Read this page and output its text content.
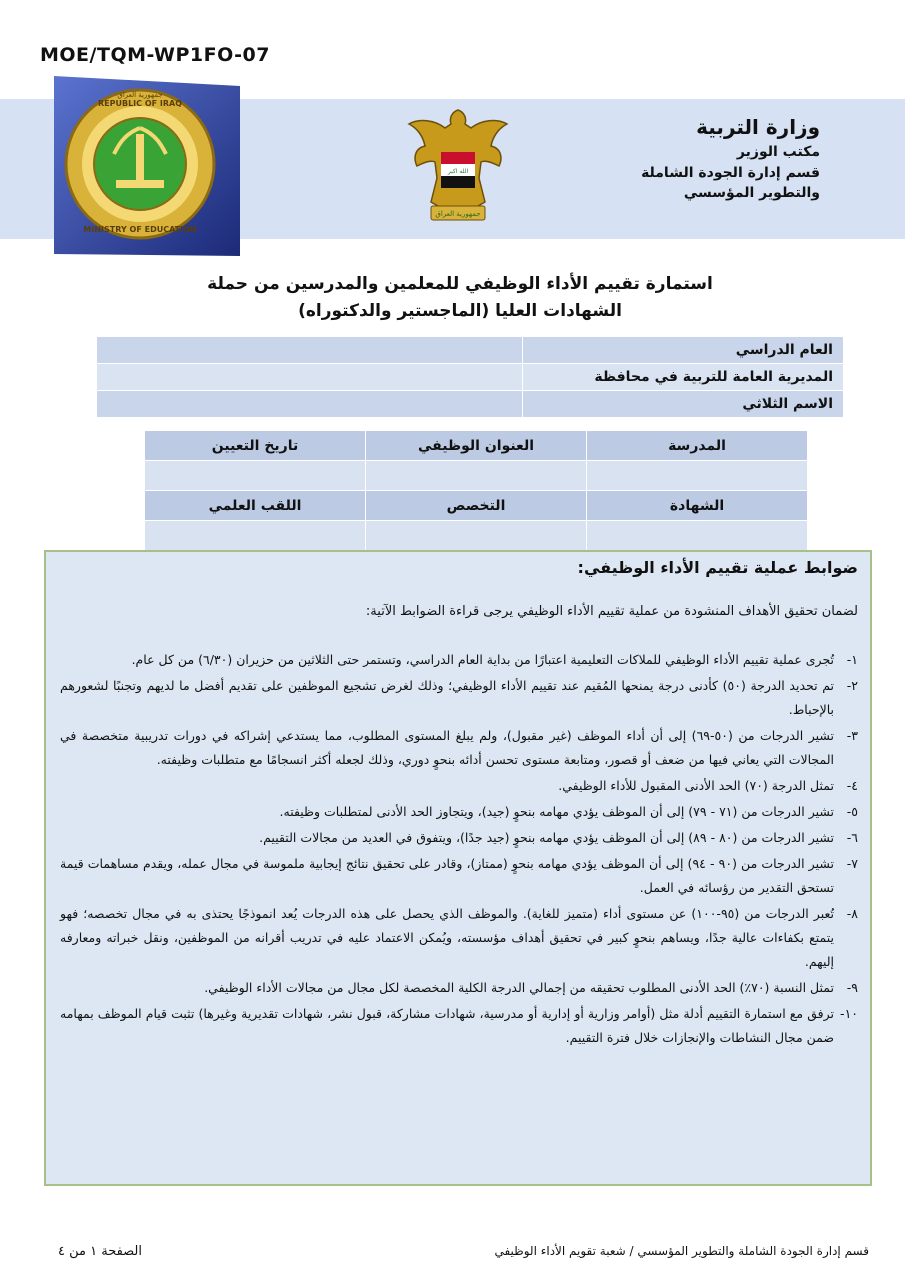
MOE/TQM-WP1FO-07
REPUBLIC OF IRAQ
MINISTRY OF EDUCATION
جمهورية العراق
الله اكبر
جمهورية العراق
وزارة التربية
مكتب الوزير
قسم إدارة الجودة الشاملة
والتطوير المؤسسي
استمارة تقييم الأداء الوظيفي للمعلمين والمدرسين من حملة
الشهادات العليا (الماجستير والدكتوراه)
العام الدراسي	
المديرية العامة للتربية في محافظة	
الاسم الثلاثي	
المدرسة	العنوان الوظيفي	تاريخ التعيين

الشهادة	التخصص	اللقب العلمي

ضوابط عملية تقييم الأداء الوظيفي:
لضمان تحقيق الأهداف المنشودة من عملية تقييم الأداء الوظيفي يرجى قراءة الضوابط الآتية:
١-
تُجرى عملية تقييم الأداء الوظيفي للملاكات التعليمية اعتبارًا من بداية العام الدراسي، وتستمر حتى الثلاثين من حزيران (٦/٣٠) من كل عام.
٢-
تم تحديد الدرجة (٥٠) كأدنى درجة يمنحها المُقيم عند تقييم الأداء الوظيفي؛ وذلك لغرض تشجيع الموظفين على تقديم أفضل ما لديهم وتجنبًا لشعورهم بالإحباط.
٣-
تشير الدرجات من (٥٠-٦٩) إلى أن أداء الموظف (غير مقبول)، ولم يبلغ المستوى المطلوب، مما يستدعي إشراكه في دورات تدريبية متخصصة في المجالات التي يعاني فيها من ضعف أو قصور، ومتابعة مستوى تحسن أدائه بنحوٍ دوري، وذلك لجعله أكثر انسجامًا مع متطلبات وظيفته.
٤-
تمثل الدرجة (٧٠) الحد الأدنى المقبول للأداء الوظيفي.
٥-
تشير الدرجات من (٧١ - ٧٩) إلى أن الموظف يؤدي مهامه بنحوٍ (جيد)، ويتجاوز الحد الأدنى لمتطلبات وظيفته.
٦-
تشير الدرجات من (٨٠ - ٨٩) إلى أن الموظف يؤدي مهامه بنحوٍ (جيد جدًا)، ويتفوق في العديد من مجالات التقييم.
٧-
تشير الدرجات من (٩٠ - ٩٤) إلى أن الموظف يؤدي مهامه بنحوٍ (ممتاز)، وقادر على تحقيق نتائج إيجابية ملموسة في مجال عمله، ويقدم مساهمات قيمة تستحق التقدير من رؤسائه في العمل.
٨-
تُعبر الدرجات من (٩٥-١٠٠) عن مستوى أداء (متميز للغاية). والموظف الذي يحصل على هذه الدرجات يُعد انموذجًا يحتذى به في مجال تخصصه؛ فهو يتمتع بكفاءات عالية جدًا، ويساهم بنحوٍ كبير في تحقيق أهداف مؤسسته، ويُمكن الاعتماد عليه في تدريب أقرانه من الموظفين، ونقل خبراته ومعارفه إليهم.
٩-
تمثل النسبة (٧٠٪) الحد الأدنى المطلوب تحقيقه من إجمالي الدرجة الكلية المخصصة لكل مجال من مجالات الأداء الوظيفي.
١٠-
ترفق مع استمارة التقييم أدلة مثل (أوامر وزارية أو إدارية أو مدرسية، شهادات مشاركة، قبول نشر، شهادات تقديرية وغيرها) تثبت قيام الموظف بمهامه ضمن مجال النشاطات والإنجازات خلال فترة التقييم.
الصفحة ١ من ٤	قسم إدارة الجودة الشاملة والتطوير المؤسسي / شعبة تقويم الأداء الوظيفي
